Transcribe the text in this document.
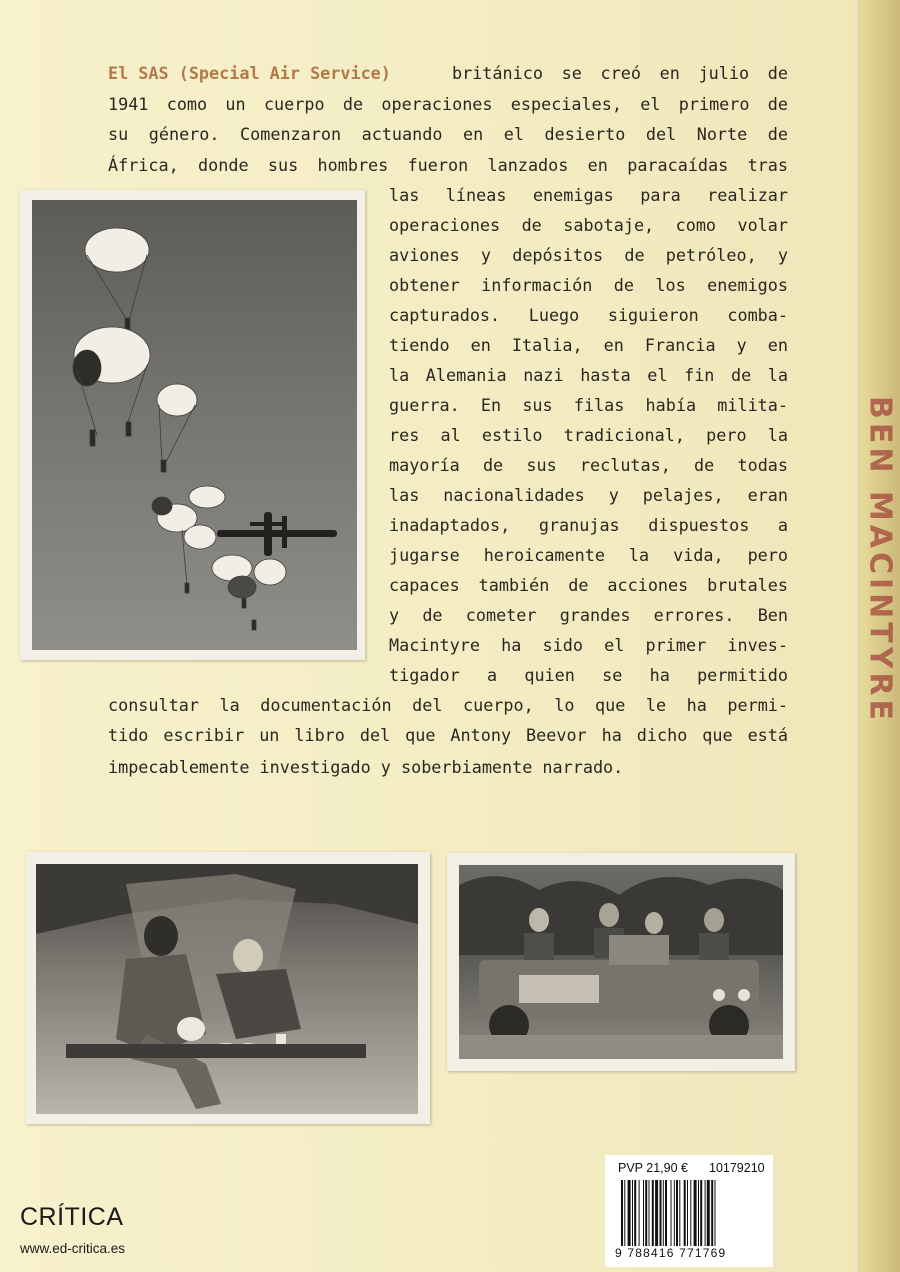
BEN MACINTYRE
El SAS (Special Air Service)	británico se creó en julio de
1941 como un cuerpo de operaciones especiales, el primero de
su género. Comenzaron actuando en el desierto del Norte de
África, donde sus hombres fueron lanzados en paracaídas tras
las líneas enemigas para realizar
operaciones de sabotaje, como volar
aviones y depósitos de petróleo, y
obtener información de los enemigos
capturados. Luego siguieron comba-
tiendo en Italia, en Francia y en
la Alemania nazi hasta el fin de la
guerra. En sus filas había milita-
res al estilo tradicional, pero la
mayoría de sus reclutas, de todas
las nacionalidades y pelajes, eran
inadaptados, granujas dispuestos a
jugarse heroicamente la vida, pero
capaces también de acciones brutales
y de cometer grandes errores. Ben
Macintyre ha sido el primer inves-
tigador a quien se ha permitido
consultar la documentación del cuerpo, lo que le ha permi-
tido escribir un libro del que Antony Beevor ha dicho que está
impecablemente investigado y soberbiamente narrado.
PVP 21,90 € 10179210
9 788416 771769
CRÍTICA
www.ed-critica.es
